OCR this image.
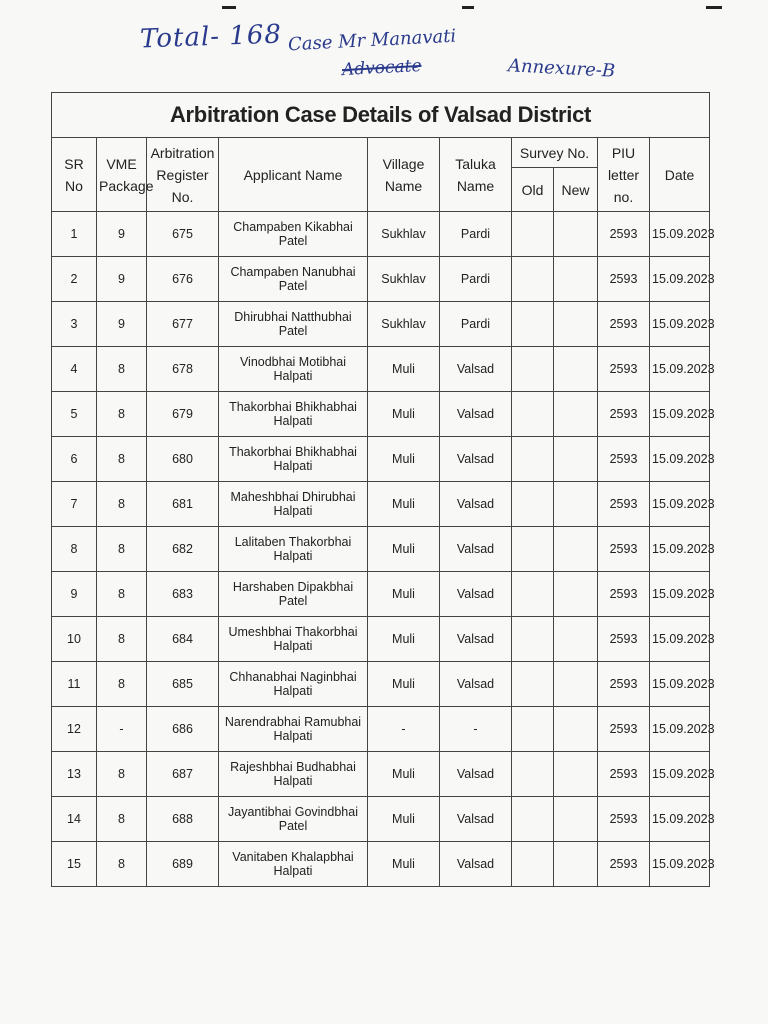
Total- 168 Case Mr Manavati
Advocate	Annexure-B
Arbitration Case Details of Valsad District									

SR No	VME Package	Arbitration Register No.	Applicant Name	Village Name	Taluka Name	Survey No.		PIU letter no.	Date

						Old	New		

1	9	675	Champaben Kikabhai Patel	Sukhlav	Pardi			2593	15.09.2023
2	9	676	Champaben Nanubhai Patel	Sukhlav	Pardi			2593	15.09.2023
3	9	677	Dhirubhai Natthubhai Patel	Sukhlav	Pardi			2593	15.09.2023
4	8	678	Vinodbhai Motibhai Halpati	Muli	Valsad			2593	15.09.2023
5	8	679	Thakorbhai Bhikhabhai Halpati	Muli	Valsad			2593	15.09.2023
6	8	680	Thakorbhai Bhikhabhai Halpati	Muli	Valsad			2593	15.09.2023
7	8	681	Maheshbhai Dhirubhai Halpati	Muli	Valsad			2593	15.09.2023
8	8	682	Lalitaben Thakorbhai Halpati	Muli	Valsad			2593	15.09.2023
9	8	683	Harshaben Dipakbhai Patel	Muli	Valsad			2593	15.09.2023
10	8	684	Umeshbhai Thakorbhai Halpati	Muli	Valsad			2593	15.09.2023
11	8	685	Chhanabhai Naginbhai Halpati	Muli	Valsad			2593	15.09.2023
12	-	686	Narendrabhai Ramubhai Halpati	-	-			2593	15.09.2023
13	8	687	Rajeshbhai Budhabhai Halpati	Muli	Valsad			2593	15.09.2023
14	8	688	Jayantibhai Govindbhai Patel	Muli	Valsad			2593	15.09.2023
15	8	689	Vanitaben Khalapbhai Halpati	Muli	Valsad			2593	15.09.2023
